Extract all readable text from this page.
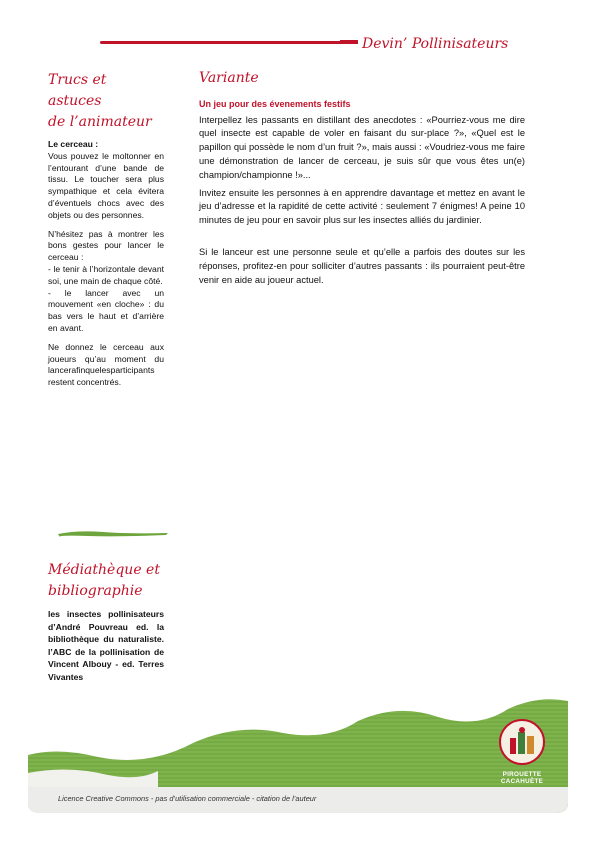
Devin’ Pollinisateurs
Trucs et astuces
de l’animateur

Le cerceau :

Vous pouvez le moltonner en l’entourant d’une bande de tissu. Le toucher sera plus sympathique et cela évitera d’éventuels chocs avec des objets ou des personnes.

N’hésitez pas à montrer les bons gestes pour lancer le cerceau :

- le tenir à l’horizontale devant soi, une main de chaque côté.

- le lancer avec un mouvement «en cloche» : du bas vers le haut et d’arrière en avant.

Ne donnez le cerceau aux joueurs qu’au moment du lancerafinquelesparticipants restent concentrés.

Médiathèque et
bibliographie

les insectes pollinisateurs d’André Pouvreau ed. la bibliothèque du naturaliste. l’ABC de la pollinisation de Vincent Albouy - ed. Terres Vivantes

Variante
Un jeu pour des évenements festifs

Interpellez les passants en distillant des anecdotes : «Pourriez-vous me dire quel insecte est capable de voler en faisant du sur-place ?», «Quel est le papillon qui possède le nom d’un fruit ?», mais aussi : «Voudriez-vous me faire une démonstration de lancer de cerceau, je suis sûr que vous êtes un(e) champion/championne !»...

Invitez ensuite les personnes à en apprendre davantage et mettez en avant le jeu d’adresse et la rapidité de cette activité : seulement 7 énigmes! A peine 10 minutes de jeu pour en savoir plus sur les insectes alliés du jardinier.

Si le lanceur est une personne seule et qu’elle a parfois des doutes sur les réponses, profitez-en pour solliciter d’autres passants : ils pourraient peut-être venir en aide au joueur actuel.

Licence Creative Commons - pas d’utilisation commerciale - citation de l’auteur
PIROUETTE
CACAHUÈTE
